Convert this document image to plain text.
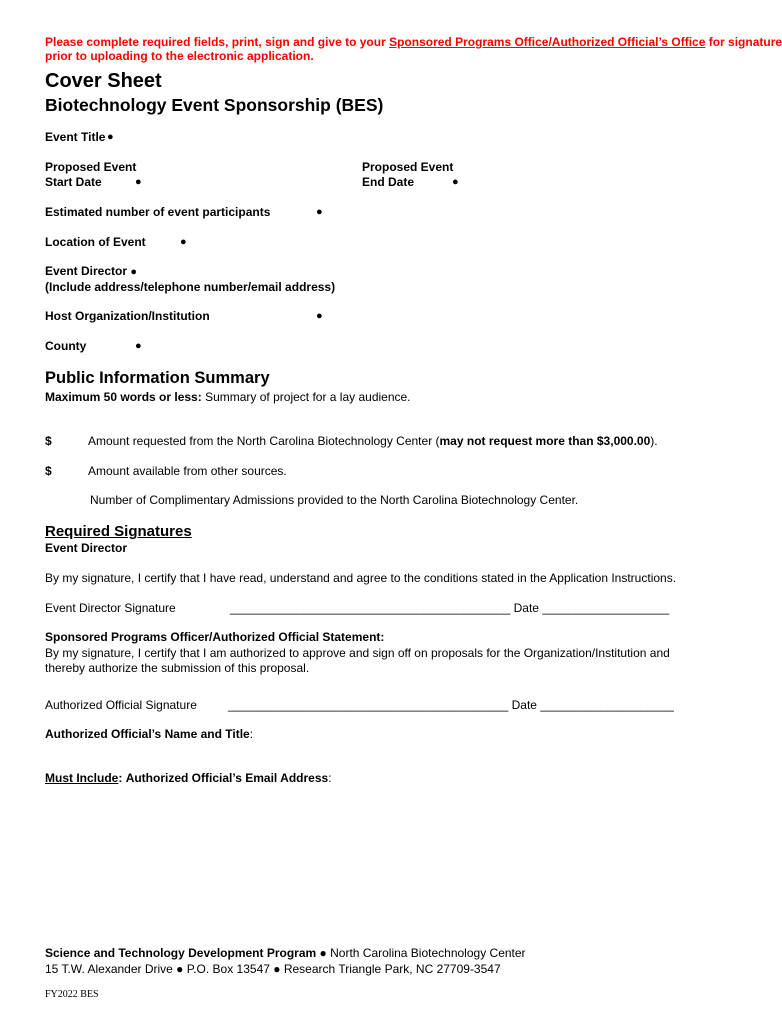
Please complete required fields, print, sign and give to your Sponsored Programs Office/Authorized Official’s Office for signature
prior to uploading to the electronic application.
Cover Sheet
Biotechnology Event Sponsorship (BES)
Event Title ●
Proposed Event
Start Date	●
Proposed Event
End Date	●
Estimated number of event participants	●
Location of Event	●
Event Director ●
(Include address/telephone number/email address)
Host Organization/Institution	●
County	●
Public Information Summary
Maximum 50 words or less: Summary of project for a lay audience.
$	Amount requested from the North Carolina Biotechnology Center (may not request more than $3,000.00).
$	Amount available from other sources.
Number of Complimentary Admissions provided to the North Carolina Biotechnology Center.
Required Signatures
Event Director
By my signature, I certify that I have read, understand and agree to the conditions stated in the Application Instructions.
Event Director Signature	__________________________________________ Date ___________________
Sponsored Programs Officer/Authorized Official Statement:
By my signature, I certify that I am authorized to approve and sign off on proposals for the Organization/Institution and
thereby authorize the submission of this proposal.
Authorized Official Signature	__________________________________________ Date ____________________
Authorized Official’s Name and Title:
Must Include: Authorized Official’s Email Address:
Science and Technology Development Program ● North Carolina Biotechnology Center
15 T.W. Alexander Drive ● P.O. Box 13547 ● Research Triangle Park, NC 27709-3547
FY2022 BES
